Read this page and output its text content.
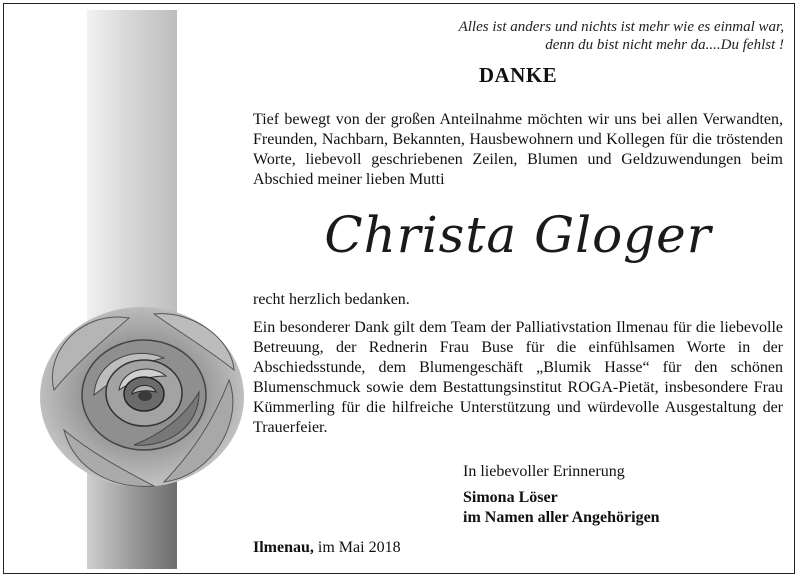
Alles ist anders und nichts ist mehr wie es einmal war,
denn du bist nicht mehr da....Du fehlst !
DANKE
Tief bewegt von der großen Anteilnahme möchten wir uns bei allen Verwandten, Freunden, Nachbarn, Bekannten, Hausbewohnern und Kollegen für die tröstenden Worte, liebevoll geschriebenen Zeilen, Blumen und Geldzuwendungen beim Abschied meiner lieben Mutti
Christa Gloger
recht herzlich bedanken.
Ein besonderer Dank gilt dem Team der Palliativstation Ilmenau für die liebevolle Betreuung, der Rednerin Frau Buse für die einfühlsamen Worte in der Abschiedsstunde, dem Blumengeschäft „Blumik Hasse“ für den schönen Blumenschmuck sowie dem Bestattungsinstitut ROGA-Pietät, insbesondere Frau Kümmerling für die hilfreiche Unterstützung und würdevolle Ausgestaltung der Trauerfeier.
In liebevoller Erinnerung
Simona Löser
im Namen aller Angehörigen
Ilmenau, im Mai 2018
